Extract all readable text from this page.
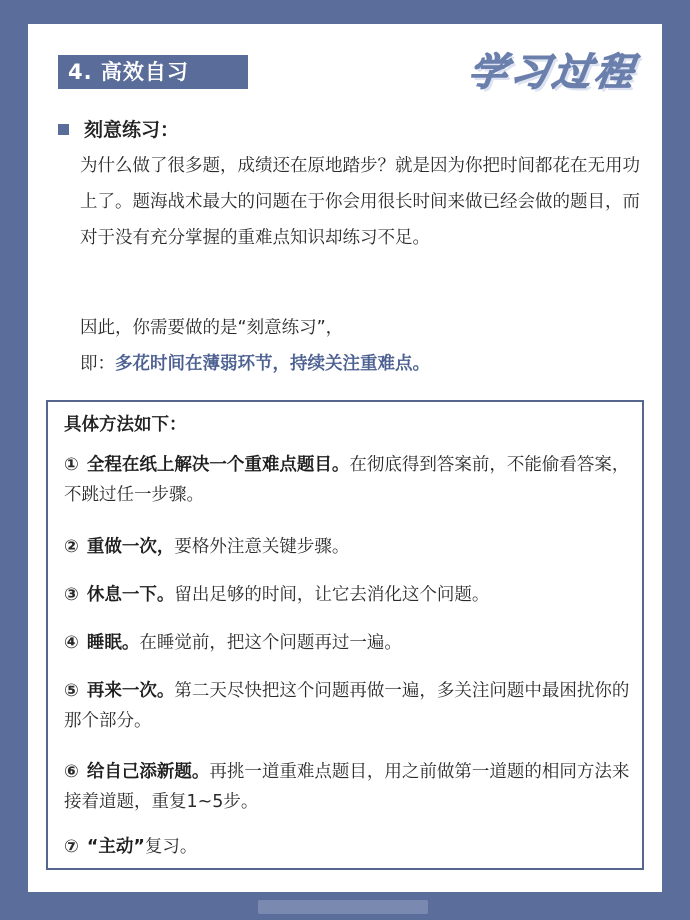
4. 高效自习	学习过程
刻意练习：
为什么做了很多题，成绩还在原地踏步？就是因为你把时间都花在无用功上了。题海战术最大的问题在于你会用很长时间来做已经会做的题目，而对于没有充分掌握的重难点知识却练习不足。
因此，你需要做的是“刻意练习”，
即：多花时间在薄弱环节，持续关注重难点。
具体方法如下：
① 全程在纸上解决一个重难点题目。在彻底得到答案前，不能偷看答案，不跳过任一步骤。
② 重做一次，要格外注意关键步骤。
③ 休息一下。留出足够的时间，让它去消化这个问题。
④ 睡眠。在睡觉前，把这个问题再过一遍。
⑤ 再来一次。第二天尽快把这个问题再做一遍，多关注问题中最困扰你的那个部分。
⑥ 给自己添新题。再挑一道重难点题目，用之前做第一道题的相同方法来接着道题，重复1~5步。
⑦ “主动”复习。
